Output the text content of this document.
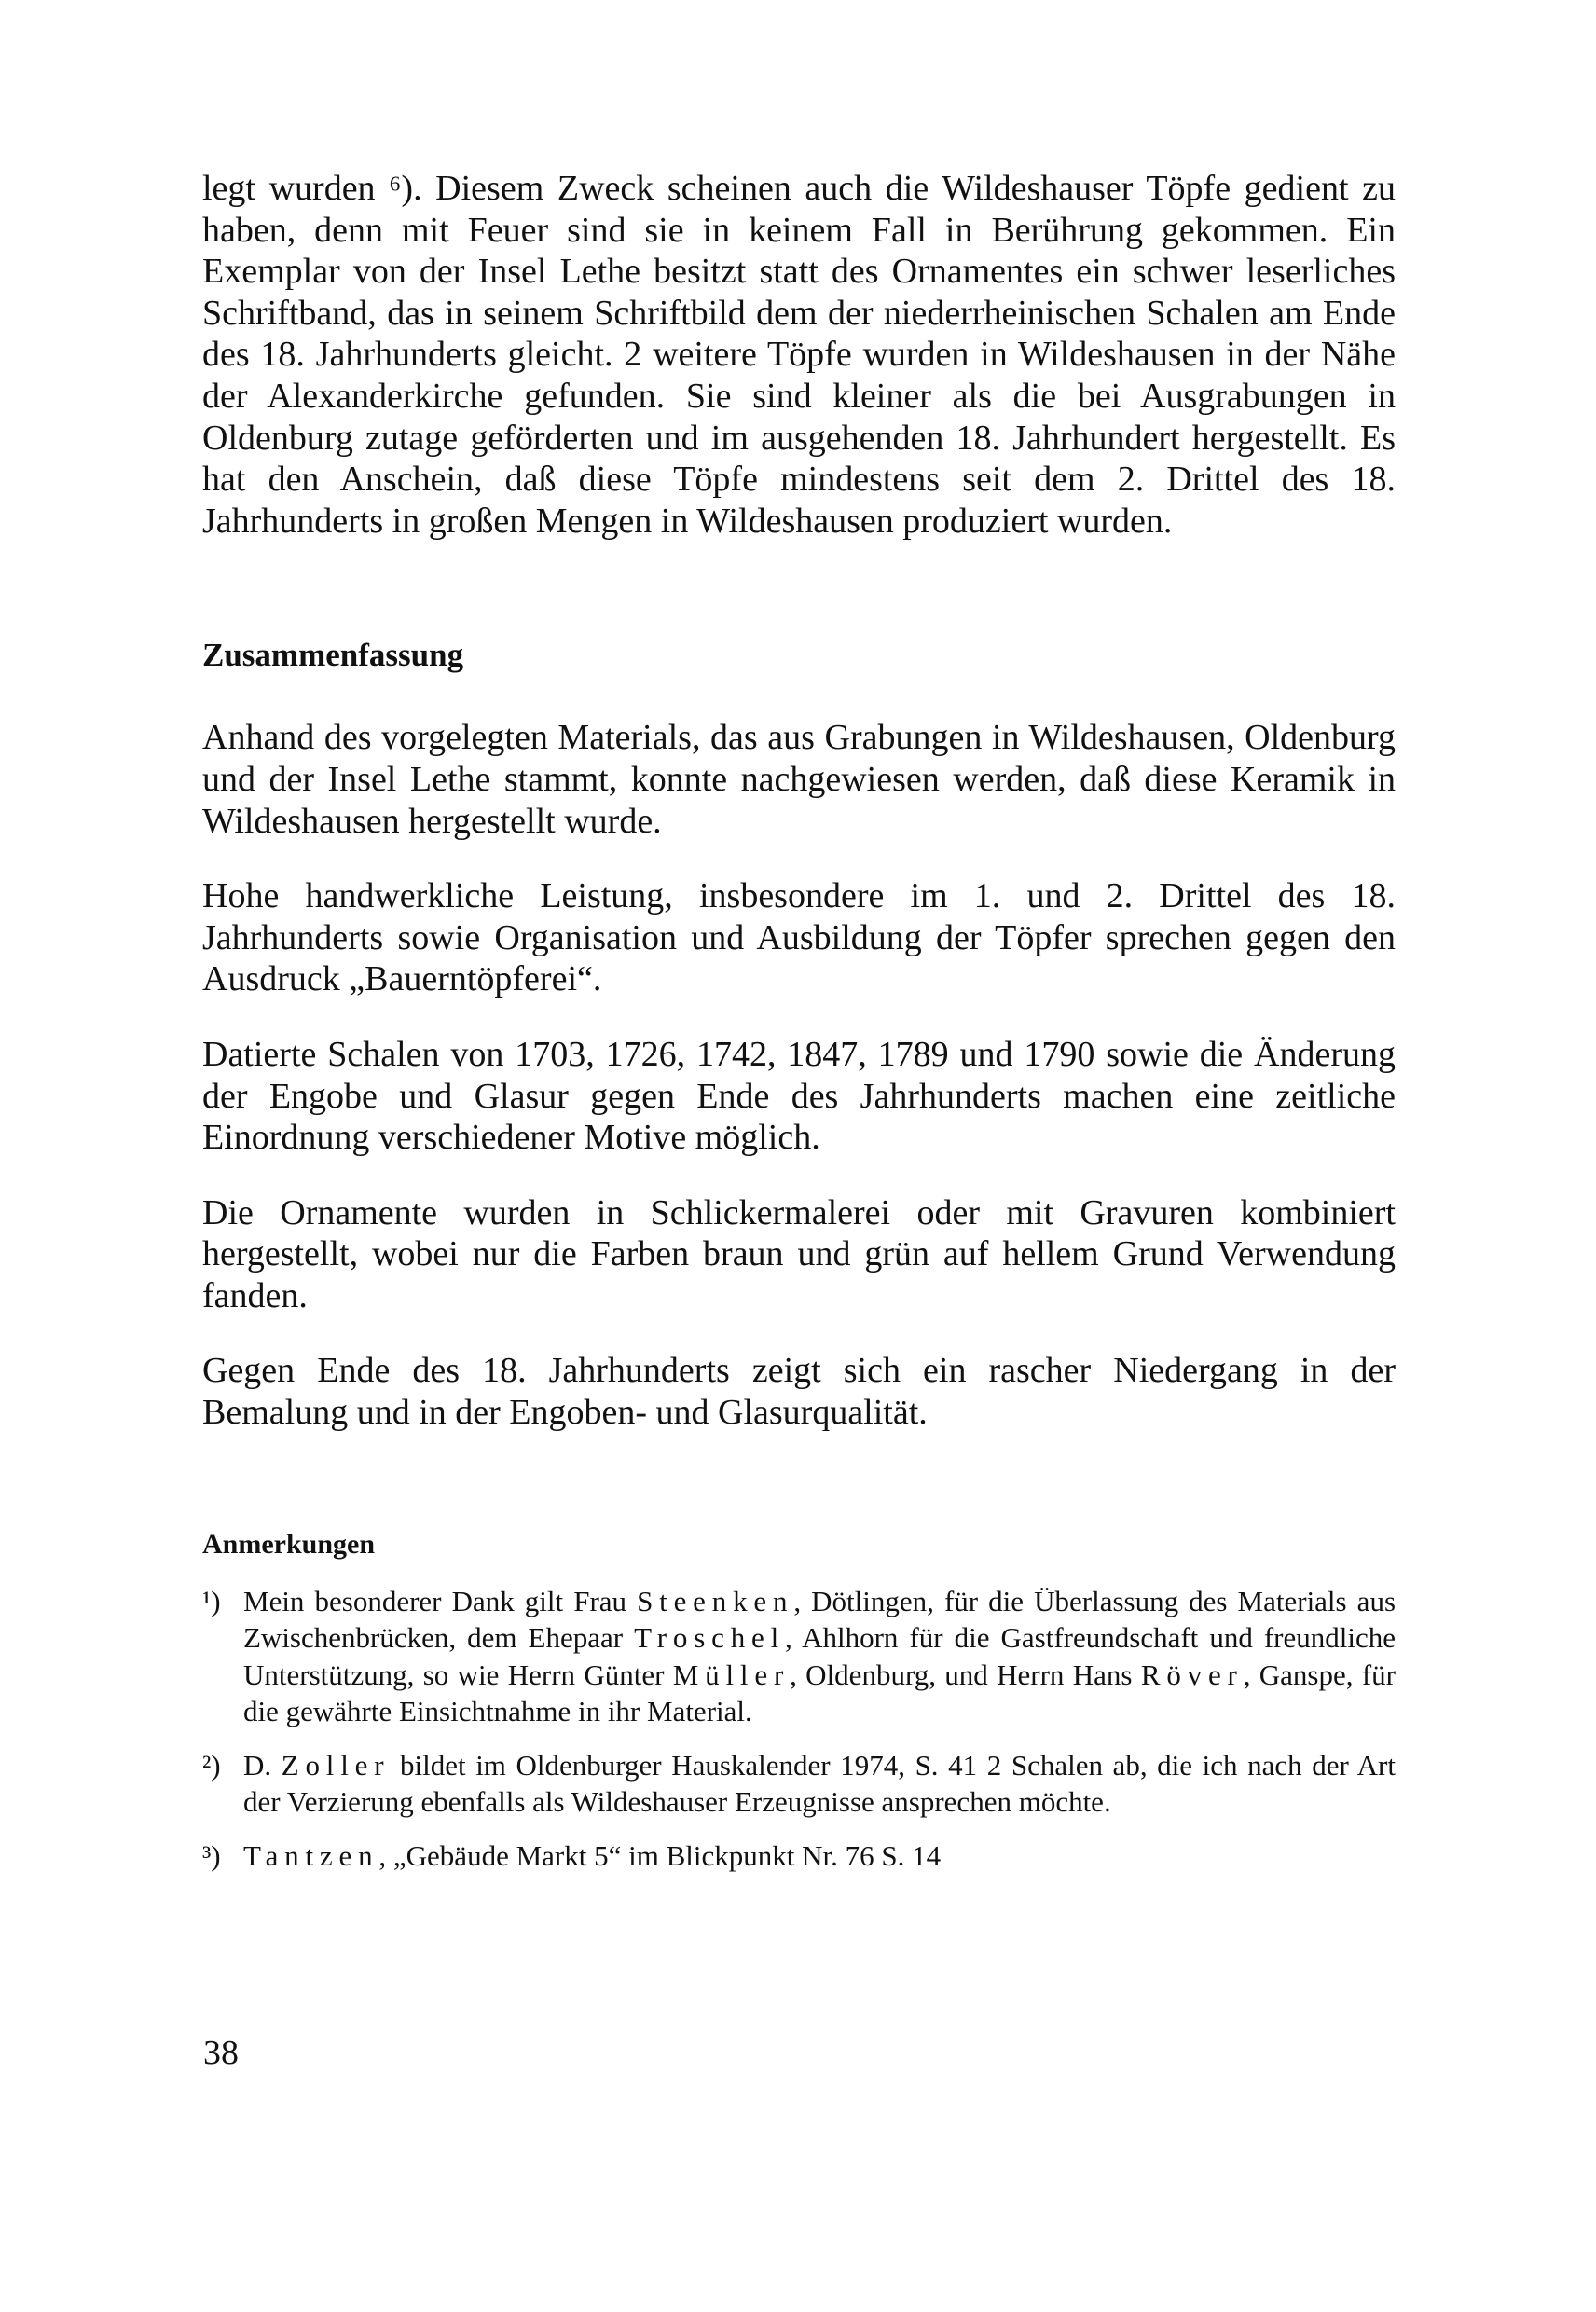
legt wurden ⁶). Diesem Zweck scheinen auch die Wildeshauser Töpfe gedient zu haben, denn mit Feuer sind sie in keinem Fall in Berührung gekommen. Ein Exemplar von der Insel Lethe besitzt statt des Ornamentes ein schwer leserliches Schriftband, das in seinem Schriftbild dem der niederrheinischen Schalen am Ende des 18. Jahrhunderts gleicht. 2 weitere Töpfe wurden in Wildeshausen in der Nähe der Alexanderkirche gefunden. Sie sind kleiner als die bei Ausgrabungen in Oldenburg zutage geförderten und im ausgehenden 18. Jahrhundert hergestellt. Es hat den Anschein, daß diese Töpfe mindestens seit dem 2. Drittel des 18. Jahrhunderts in großen Mengen in Wildeshausen produziert wurden.

Zusammenfassung

Anhand des vorgelegten Materials, das aus Grabungen in Wildeshausen, Oldenburg und der Insel Lethe stammt, konnte nachgewiesen werden, daß diese Keramik in Wildeshausen hergestellt wurde.

Hohe handwerkliche Leistung, insbesondere im 1. und 2. Drittel des 18. Jahrhunderts sowie Organisation und Ausbildung der Töpfer sprechen gegen den Ausdruck „Bauerntöpferei“.

Datierte Schalen von 1703, 1726, 1742, 1847, 1789 und 1790 sowie die Änderung der Engobe und Glasur gegen Ende des Jahrhunderts machen eine zeitliche Einordnung verschiedener Motive möglich.

Die Ornamente wurden in Schlickermalerei oder mit Gravuren kombiniert hergestellt, wobei nur die Farben braun und grün auf hellem Grund Verwendung fanden.

Gegen Ende des 18. Jahrhunderts zeigt sich ein rascher Niedergang in der Bemalung und in der Engoben- und Glasurqualität.

Anmerkungen
¹) Mein besonderer Dank gilt Frau Steenken, Dötlingen, für die Überlassung des Materials aus Zwischenbrücken, dem Ehepaar Troschel, Ahlhorn für die Gastfreundschaft und freundliche Unterstützung, so wie Herrn Günter Müller, Oldenburg, und Herrn Hans Röver, Ganspe, für die gewährte Einsichtnahme in ihr Material.
²) D. Zoller bildet im Oldenburger Hauskalender 1974, S. 41 2 Schalen ab, die ich nach der Art der Verzierung ebenfalls als Wildeshauser Erzeugnisse ansprechen möchte.
³) Tantzen, „Gebäude Markt 5“ im Blickpunkt Nr. 76 S. 14
38
